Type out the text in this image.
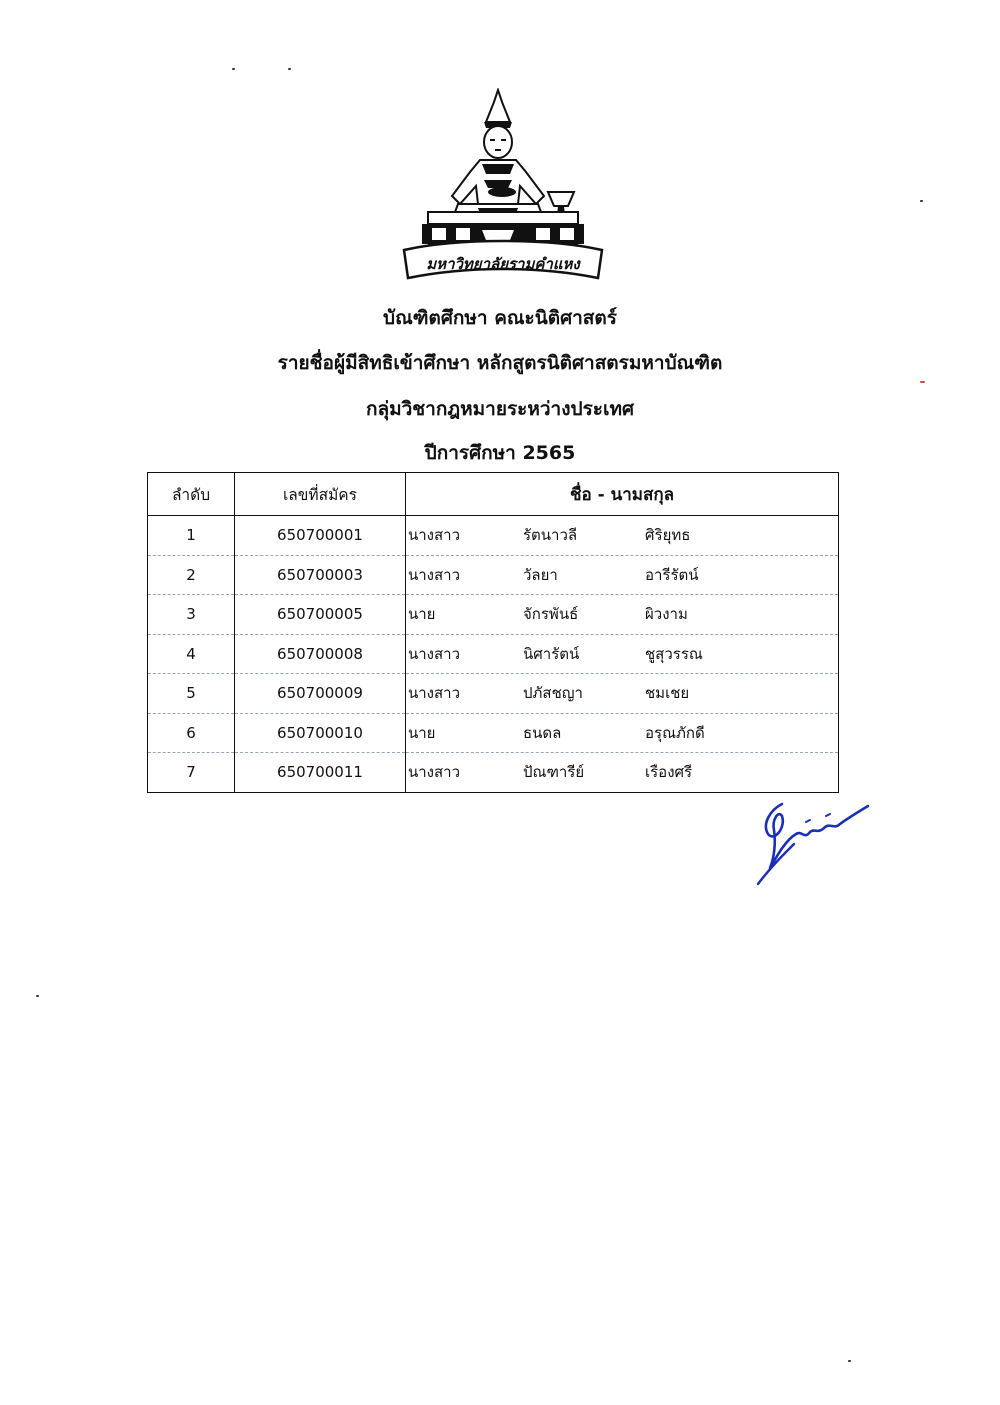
มหาวิทยาลัยรามคำแหง
บัณฑิตศึกษา คณะนิติศาสตร์
รายชื่อผู้มีสิทธิเข้าศึกษา หลักสูตรนิติศาสตรมหาบัณฑิต
กลุ่มวิชากฎหมายระหว่างประเทศ
ปีการศึกษา 2565
ลำดับ	เลขที่สมัคร	ชื่อ - นามสกุล
1	650700001	นางสาว รัตนาวลี ศิริยุทธ

2	650700003	นางสาว วัลยา อารีรัตน์

3	650700005	นาย จักรพันธ์ ผิวงาม

4	650700008	นางสาว นิศารัตน์ ชูสุวรรณ

5	650700009	นางสาว ปภัสชญา ชมเชย

6	650700010	นาย ธนดล อรุณภักดี

7	650700011	นางสาว ปัณฑารีย์ เรืองศรี
